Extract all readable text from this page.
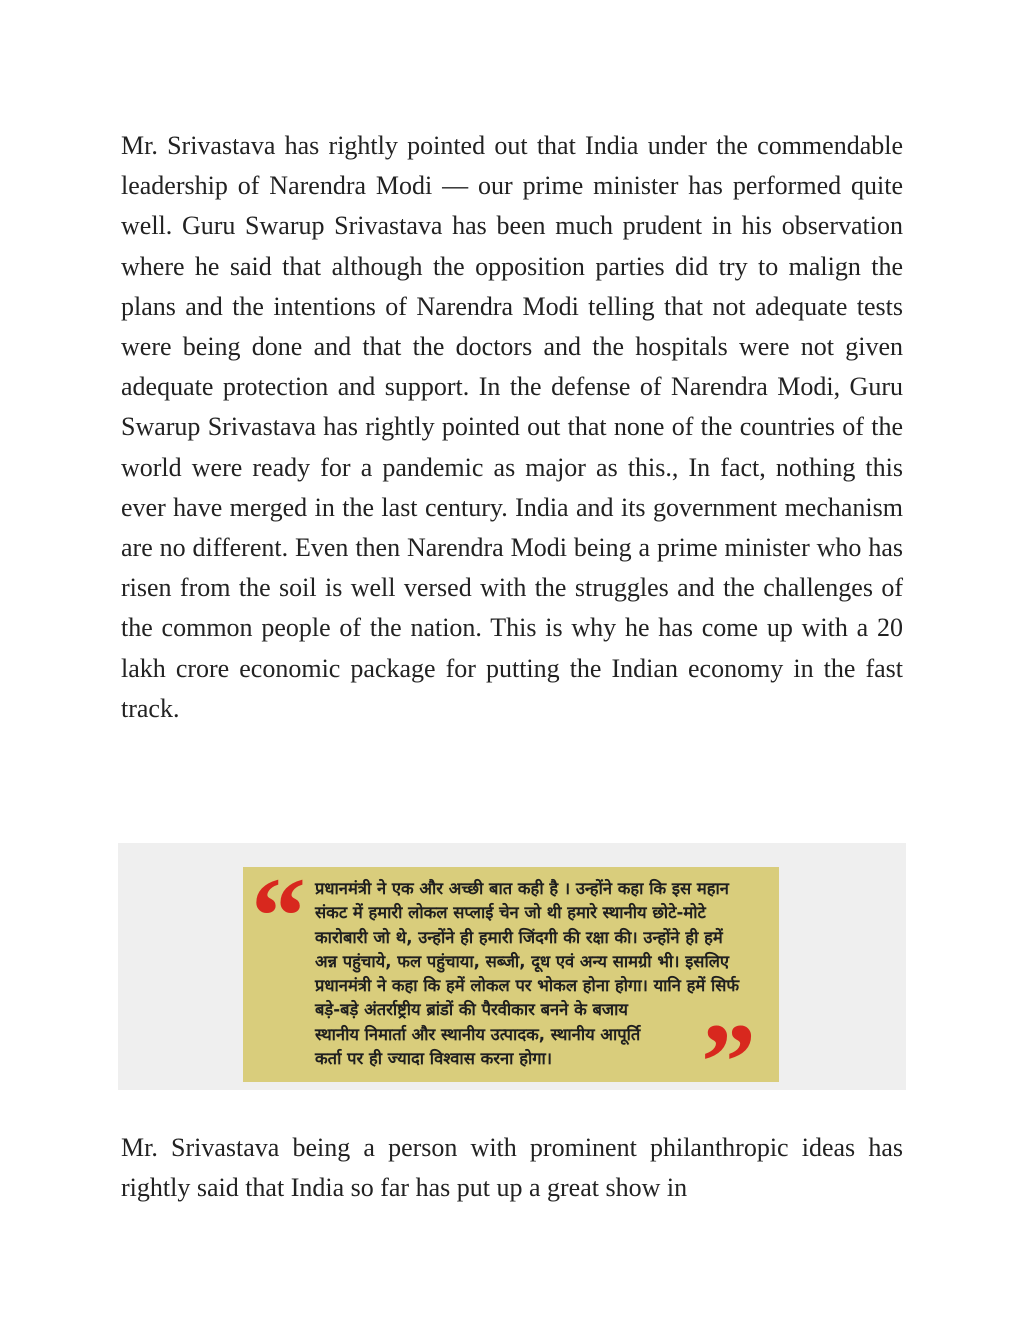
Mr. Srivastava has rightly pointed out that India under the commendable leadership of Narendra Modi — our prime minister has performed quite well. Guru Swarup Srivastava has been much prudent in his observation where he said that although the opposition parties did try to malign the plans and the intentions of Narendra Modi telling that not adequate tests were being done and that the doctors and the hospitals were not given adequate protection and support. In the defense of Narendra Modi, Guru Swarup Srivastava has rightly pointed out that none of the countries of the world were ready for a pandemic as major as this., In fact, nothing this ever have merged in the last century. India and its government mechanism are no different. Even then Narendra Modi being a prime minister who has risen from the soil is well versed with the struggles and the challenges of the common people of the nation. This is why he has come up with a 20 lakh crore economic package for putting the Indian economy in the fast track.

“ प्रधानमंत्री ने एक और अच्छी बात कही है । उन्होंने कहा कि इस महान
संकट में हमारी लोकल सप्लाई चेन जो थी हमारे स्थानीय छोटे-मोटे
कारोबारी जो थे, उन्होंने ही हमारी जिंदगी की रक्षा की। उन्होंने ही हमें
अन्न पहुंचाये, फल पहुंचाया, सब्जी, दूध एवं अन्य सामग्री भी। इसलिए
प्रधानमंत्री ने कहा कि हमें लोकल पर भोकल होना होगा। यानि हमें सिर्फ
बड़े-बड़े अंतर्राष्ट्रीय ब्रांडों की पैरवीकार बनने के बजाय
स्थानीय निमार्ता और स्थानीय उत्पादक, स्थानीय आपूर्ति
कर्ता पर ही ज्यादा विश्वास करना होगा।	”

Mr. Srivastava being a person with prominent philanthropic ideas has rightly said that India so far has put up a great show in
